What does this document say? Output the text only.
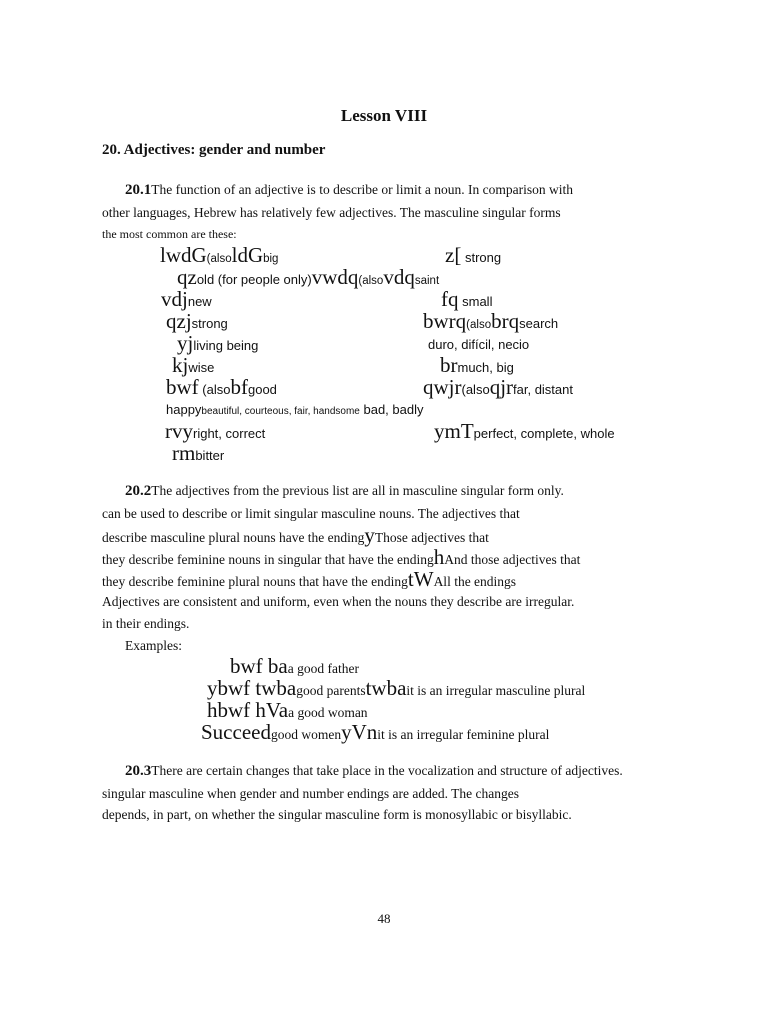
Lesson VIII
20. Adjectives: gender and number
20.1The function of an adjective is to describe or limit a noun. In comparison with
other languages, Hebrew has relatively few adjectives. The masculine singular forms
the most common are these:
lwdG(alsoldGbig	z[ strong
qzold (for people only)vwdq(alsovdqsaint
vdjnew	fq small
qzjstrong	bwrq(alsobrqsearch
yjliving being	duro, difícil, necio
kjwise	brmuch, big
bwf (alsobfgood	qwjr(alsoqjrfar, distant
happybeautiful, courteous, fair, handsome bad, badly
rvyright, correct	ymTperfect, complete, whole
rmbitter
20.2The adjectives from the previous list are all in masculine singular form only.
can be used to describe or limit singular masculine nouns. The adjectives that
describe masculine plural nouns have the endingyThose adjectives that
they describe feminine nouns in singular that have the endinghAnd those adjectives that
they describe feminine plural nouns that have the endingtWAll the endings
Adjectives are consistent and uniform, even when the nouns they describe are irregular.
in their endings.
Examples:
bwf baa good father
ybwf twbagood parentstwbait is an irregular masculine plural
hbwf hVaa good woman
Succeedgood womenyVnit is an irregular feminine plural
20.3There are certain changes that take place in the vocalization and structure of adjectives.
singular masculine when gender and number endings are added. The changes
depends, in part, on whether the singular masculine form is monosyllabic or bisyllabic.
48
